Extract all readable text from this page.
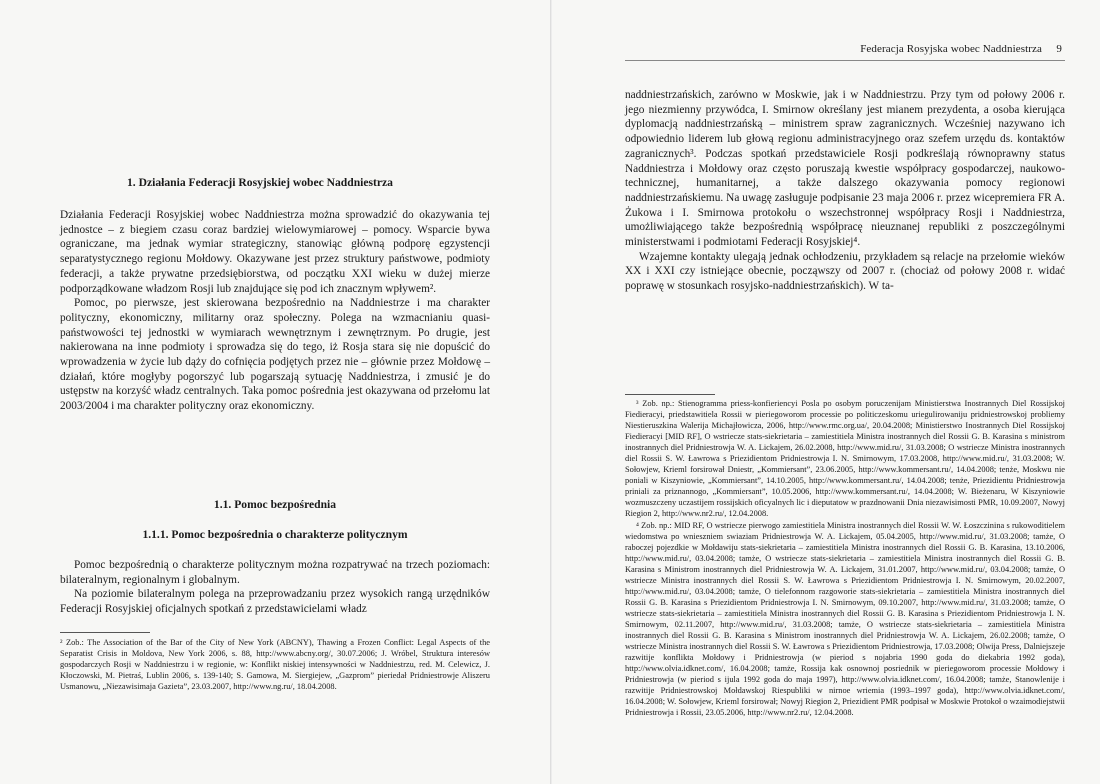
1. Działania Federacji Rosyjskiej wobec Naddniestrza

Działania Federacji Rosyjskiej wobec Naddniestrza można sprowadzić do okazywania tej jednostce – z biegiem czasu coraz bardziej wielowymiarowej – pomocy. Wsparcie bywa ograniczane, ma jednak wymiar strategiczny, stanowiąc główną podporę egzystencji separatystycznego regionu Mołdowy. Okazywane jest przez struktury państwowe, podmioty federacji, a także prywatne przedsiębiorstwa, od początku XXI wieku w dużej mierze podporządkowane władzom Rosji lub znajdujące się pod ich znacznym wpływem².

Pomoc, po pierwsze, jest skierowana bezpośrednio na Naddniestrze i ma charakter polityczny, ekonomiczny, militarny oraz społeczny. Polega na wzmacnianiu quasi-państwowości tej jednostki w wymiarach wewnętrznym i zewnętrznym. Po drugie, jest nakierowana na inne podmioty i sprowadza się do tego, iż Rosja stara się nie dopuścić do wprowadzenia w życie lub dąży do cofnięcia podjętych przez nie – głównie przez Mołdowę – działań, które mogłyby pogorszyć lub pogarszają sytuację Naddniestrza, i zmusić je do ustępstw na korzyść władz centralnych. Taka pomoc pośrednia jest okazywana od przełomu lat 2003/2004 i ma charakter polityczny oraz ekonomiczny.

1.1. Pomoc bezpośrednia
1.1.1. Pomoc bezpośrednia o charakterze politycznym

Pomoc bezpośrednią o charakterze politycznym można rozpatrywać na trzech poziomach: bilateralnym, regionalnym i globalnym.

Na poziomie bilateralnym polega na przeprowadzaniu przez wysokich rangą urzędników Federacji Rosyjskiej oficjalnych spotkań z przedstawicielami władz

² Zob.: The Association of the Bar of the City of New York (ABCNY), Thawing a Frozen Conflict: Legal Aspects of the Separatist Crisis in Moldova, New York 2006, s. 88, http://www.abcny.org/, 30.07.2006; J. Wróbel, Struktura interesów gospodarczych Rosji w Naddniestrzu i w regionie, w: Konflikt niskiej intensywności w Naddniestrzu, red. M. Celewicz, J. Kłoczowski, M. Pietraś, Lublin 2006, s. 139-140; S. Gamowa, M. Siergiejew, „Gazprom” pieriedał Pridniestrowje Aliszeru Usmanowu, „Niezawisimaja Gazieta”, 23.03.2007, http://www.ng.ru/, 18.04.2008.

Federacja Rosyjska wobec Naddniestrza 9

naddniestrzańskich, zarówno w Moskwie, jak i w Naddniestrzu. Przy tym od połowy 2006 r. jego niezmienny przywódca, I. Smirnow określany jest mianem prezydenta, a osoba kierująca dyplomacją naddniestrzańską – ministrem spraw zagranicznych. Wcześniej nazywano ich odpowiednio liderem lub głową regionu administracyjnego oraz szefem urzędu ds. kontaktów zagranicznych³. Podczas spotkań przedstawiciele Rosji podkreślają równoprawny status Naddniestrza i Mołdowy oraz często poruszają kwestie współpracy gospodarczej, naukowo-technicznej, humanitarnej, a także dalszego okazywania pomocy regionowi naddniestrzańskiemu. Na uwagę zasługuje podpisanie 23 maja 2006 r. przez wicepremiera FR A. Żukowa i I. Smirnowa protokołu o wszechstronnej współpracy Rosji i Naddniestrza, umożliwiającego także bezpośrednią współpracę nieuznanej republiki z poszczególnymi ministerstwami i podmiotami Federacji Rosyjskiej⁴.

Wzajemne kontakty ulegają jednak ochłodzeniu, przykładem są relacje na przełomie wieków XX i XXI czy istniejące obecnie, począwszy od 2007 r. (chociaż od połowy 2008 r. widać poprawę w stosunkach rosyjsko-naddniestrzańskich). W ta-

³ Zob. np.: Stienogramma priess-konfieriencyi Posla po osobym poruczenijam Ministierstwa Inostrannych Diel Rossijskoj Fiedieracyi, priedstawitiela Rossii w pieriegoworom processie po politiczeskomu uriegulirowaniju pridniestrowskoj probliemy Niestieruszkina Walerija Michajłowicza, 2006, http://www.rmc.org.ua/, 20.04.2008; Ministierstwo Inostrannych Diel Rossijskoj Fiedieracyi [MID RF], O wstriecze stats-siekrietaria – zamiestitiela Ministra inostrannych diel Rossii G. B. Karasina s ministrom inostrannych diel Pridniestrowja W. A. Lickajem, 26.02.2008, http://www.mid.ru/, 31.03.2008; O wstriecze Ministra inostrannych diel Rossii S. W. Ławrowa s Priezidientom Pridniestrowja I. N. Smirnowym, 17.03.2008, http://www.mid.ru/, 31.03.2008; W. Sołowjew, Krieml forsirował Dniestr, „Kommiersant”, 23.06.2005, http://www.kommersant.ru/, 14.04.2008; tenże, Moskwu nie poniali w Kiszyniowie, „Kommiersant”, 14.10.2005, http://www.kommersant.ru/, 14.04.2008; tenże, Priezidientu Pridniestrowja priniali za priznannogo, „Kommiersant”, 10.05.2006, http://www.kommersant.ru/, 14.04.2008; W. Bieżenaru, W Kiszyniowie wozmuszczeny uczastijem rossijskich oficyalnych lic i dieputatow w prazdnowanii Dnia niezawisimosti PMR, 10.09.2007, Nowyj Riegion 2, http://www.nr2.ru/, 12.04.2008.

⁴ Zob. np.: MID RF, O wstriecze pierwogo zamiestitiela Ministra inostrannych diel Rossii W. W. Łoszczinina s rukowoditielem wiedomstwa po wnieszniem swiaziam Pridniestrowja W. A. Lickajem, 05.04.2005, http://www.mid.ru/, 31.03.2008; tamże, O raboczej pojezdkie w Mołdawiju stats-siekrietaria – zamiestitiela Ministra inostrannych diel Rossii G. B. Karasina, 13.10.2006, http://www.mid.ru/, 03.04.2008; tamże, O wstriecze stats-siekrietaria – zamiestitiela Ministra inostrannych diel Rossii G. B. Karasina s Ministrom inostrannych diel Pridniestrowja W. A. Lickajem, 31.01.2007, http://www.mid.ru/, 03.04.2008; tamże, O wstriecze Ministra inostrannych diel Rossii S. W. Ławrowa s Priezidientom Pridniestrowja I. N. Smirnowym, 20.02.2007, http://www.mid.ru/, 03.04.2008; tamże, O tielefonnom razgoworie stats-siekrietaria – zamiestitiela Ministra inostrannych diel Rossii G. B. Karasina s Priezidientom Pridniestrowja I. N. Smirnowym, 09.10.2007, http://www.mid.ru/, 31.03.2008; tamże, O wstriecze stats-siekrietaria – zamiestitiela Ministra inostrannych diel Rossii G. B. Karasina s Priezidientom Pridniestrowja I. N. Smirnowym, 02.11.2007, http://www.mid.ru/, 31.03.2008; tamże, O wstriecze stats-siekrietaria – zamiestitiela Ministra inostrannych diel Rossii G. B. Karasina s Ministrom inostrannych diel Pridniestrowja W. A. Lickajem, 26.02.2008; tamże, O wstriecze Ministra inostrannych diel Rossii S. W. Ławrowa s Priezidientom Pridniestrowja, 17.03.2008; Olwija Press, Dalniejszeje razwitije konflikta Mołdowy i Pridniestrowja (w pieriod s nojabria 1990 goda do diekabria 1992 goda), http://www.olvia.idknet.com/, 16.04.2008; tamże, Rossija kak osnownoj posriednik w pieriegoworom processie Mołdowy i Pridniestrowja (w pieriod s ijula 1992 goda do maja 1997), http://www.olvia.idknet.com/, 16.04.2008; tamże, Stanowlenije i razwitije Pridniestrowskoj Mołdawskoj Riespubliki w nirnoe wriemia (1993–1997 goda), http://www.olvia.idknet.com/, 16.04.2008; W. Sołowjew, Krieml forsirował; Nowyj Riegion 2, Priezidient PMR podpisał w Moskwie Protokoł o wzaimodiejstwii Pridniestrowja i Rossii, 23.05.2006, http://www.nr2.ru/, 12.04.2008.
